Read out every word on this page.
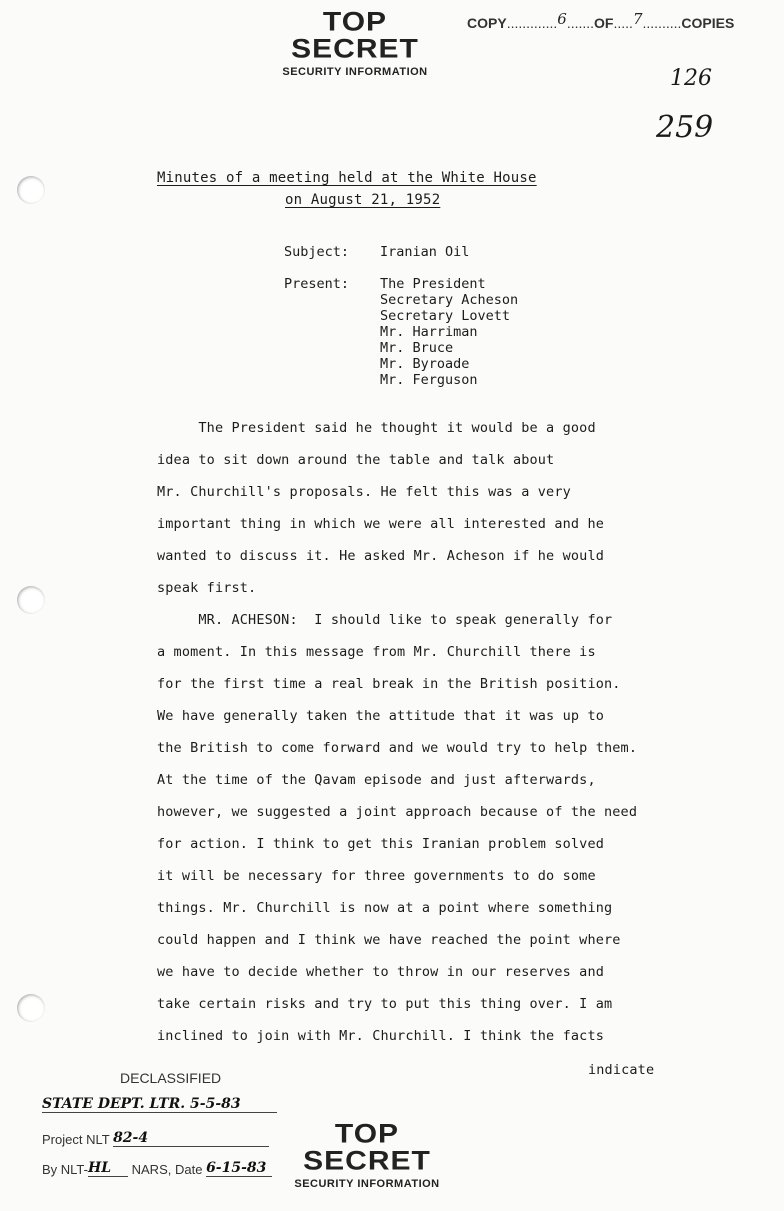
TOP SECRET
SECURITY INFORMATION
COPY.............6.......OF.....7..........COPIES
126
259
Minutes of a meeting held at the White House
on August 21, 1952
Subject: Iranian Oil
Present: The President
Secretary Acheson
Secretary Lovett
Mr. Harriman
Mr. Bruce
Mr. Byroade
Mr. Ferguson
The President said he thought it would be a good
idea to sit down around the table and talk about
Mr. Churchill's proposals. He felt this was a very
important thing in which we were all interested and he
wanted to discuss it. He asked Mr. Acheson if he would
speak first.
MR. ACHESON:  I should like to speak generally for
a moment. In this message from Mr. Churchill there is
for the first time a real break in the British position.
We have generally taken the attitude that it was up to
the British to come forward and we would try to help them.
At the time of the Qavam episode and just afterwards,
however, we suggested a joint approach because of the need
for action. I think to get this Iranian problem solved
it will be necessary for three governments to do some
things. Mr. Churchill is now at a point where something
could happen and I think we have reached the point where
we have to decide whether to throw in our reserves and
take certain risks and try to put this thing over. I am
inclined to join with Mr. Churchill. I think the facts
indicate
DECLASSIFIED
STATE DEPT. LTR. 5-5-83
Project NLT 82-4
By NLT-HL NARS, Date 6-15-83
TOP SECRET
SECURITY INFORMATION
